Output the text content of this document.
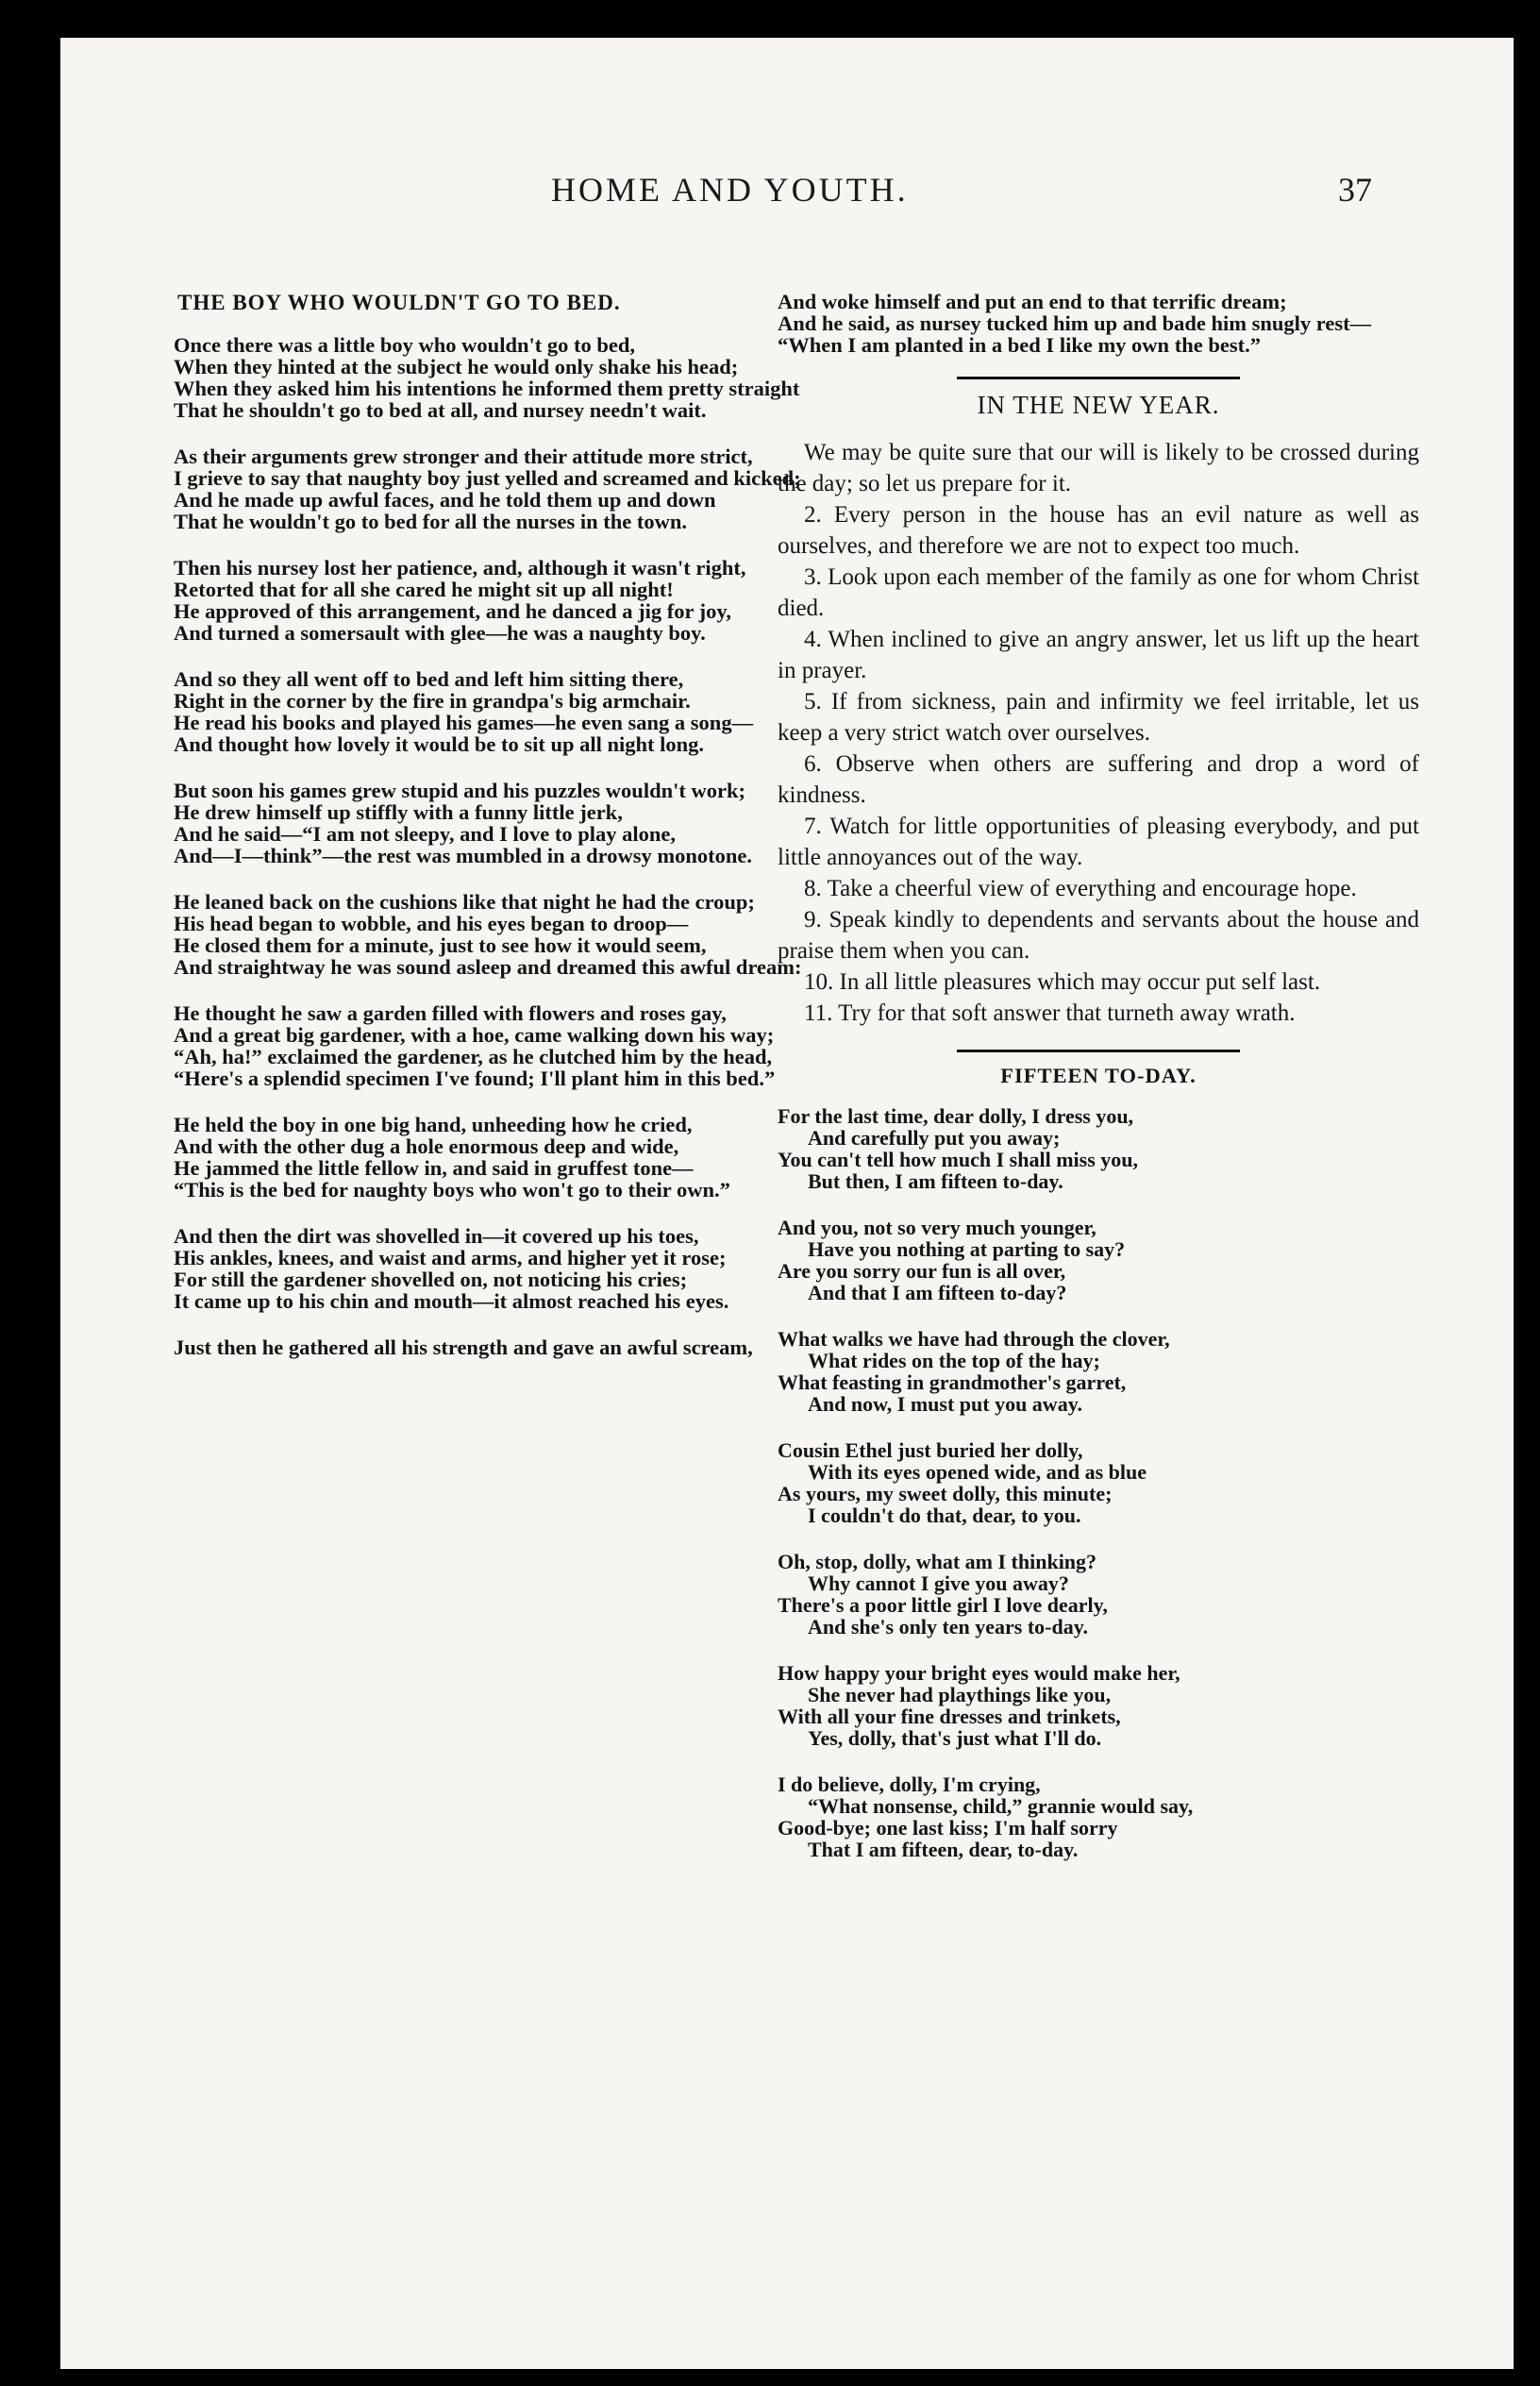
HOME AND YOUTH.	37
THE BOY WHO WOULDN'T GO TO BED.
Once there was a little boy who wouldn't go to bed,
When they hinted at the subject he would only shake his head;
When they asked him his intentions he informed them pretty straight
That he shouldn't go to bed at all, and nursey needn't wait.
As their arguments grew stronger and their attitude more strict,
I grieve to say that naughty boy just yelled and screamed and kicked;
And he made up awful faces, and he told them up and down
That he wouldn't go to bed for all the nurses in the town.
Then his nursey lost her patience, and, although it wasn't right,
Retorted that for all she cared he might sit up all night!
He approved of this arrangement, and he danced a jig for joy,
And turned a somersault with glee—he was a naughty boy.
And so they all went off to bed and left him sitting there,
Right in the corner by the fire in grandpa's big armchair.
He read his books and played his games—he even sang a song—
And thought how lovely it would be to sit up all night long.
But soon his games grew stupid and his puzzles wouldn't work;
He drew himself up stiffly with a funny little jerk,
And he said—“I am not sleepy, and I love to play alone,
And—I—think”—the rest was mumbled in a drowsy monotone.
He leaned back on the cushions like that night he had the croup;
His head began to wobble, and his eyes began to droop—
He closed them for a minute, just to see how it would seem,
And straightway he was sound asleep and dreamed this awful dream:
He thought he saw a garden filled with flowers and roses gay,
And a great big gardener, with a hoe, came walking down his way;
“Ah, ha!” exclaimed the gardener, as he clutched him by the head,
“Here's a splendid specimen I've found; I'll plant him in this bed.”
He held the boy in one big hand, unheeding how he cried,
And with the other dug a hole enormous deep and wide,
He jammed the little fellow in, and said in gruffest tone—
“This is the bed for naughty boys who won't go to their own.”
And then the dirt was shovelled in—it covered up his toes,
His ankles, knees, and waist and arms, and higher yet it rose;
For still the gardener shovelled on, not noticing his cries;
It came up to his chin and mouth—it almost reached his eyes.
Just then he gathered all his strength and gave an awful scream,
And woke himself and put an end to that terrific dream;
And he said, as nursey tucked him up and bade him snugly rest—
“When I am planted in a bed I like my own the best.”
IN THE NEW YEAR.

We may be quite sure that our will is likely to be crossed during the day; so let us prepare for it.

2. Every person in the house has an evil nature as well as ourselves, and therefore we are not to expect too much.

3. Look upon each member of the family as one for whom Christ died.

4. When inclined to give an angry answer, let us lift up the heart in prayer.

5. If from sickness, pain and infirmity we feel irritable, let us keep a very strict watch over ourselves.

6. Observe when others are suffering and drop a word of kindness.

7. Watch for little opportunities of pleasing everybody, and put little annoyances out of the way.

8. Take a cheerful view of everything and encourage hope.

9. Speak kindly to dependents and servants about the house and praise them when you can.

10. In all little pleasures which may occur put self last.

11. Try for that soft answer that turneth away wrath.

FIFTEEN TO-DAY.
For the last time, dear dolly, I dress you,
And carefully put you away;
You can't tell how much I shall miss you,
But then, I am fifteen to-day.
And you, not so very much younger,
Have you nothing at parting to say?
Are you sorry our fun is all over,
And that I am fifteen to-day?
What walks we have had through the clover,
What rides on the top of the hay;
What feasting in grandmother's garret,
And now, I must put you away.
Cousin Ethel just buried her dolly,
With its eyes opened wide, and as blue
As yours, my sweet dolly, this minute;
I couldn't do that, dear, to you.
Oh, stop, dolly, what am I thinking?
Why cannot I give you away?
There's a poor little girl I love dearly,
And she's only ten years to-day.
How happy your bright eyes would make her,
She never had playthings like you,
With all your fine dresses and trinkets,
Yes, dolly, that's just what I'll do.
I do believe, dolly, I'm crying,
“What nonsense, child,” grannie would say,
Good-bye; one last kiss; I'm half sorry
That I am fifteen, dear, to-day.
